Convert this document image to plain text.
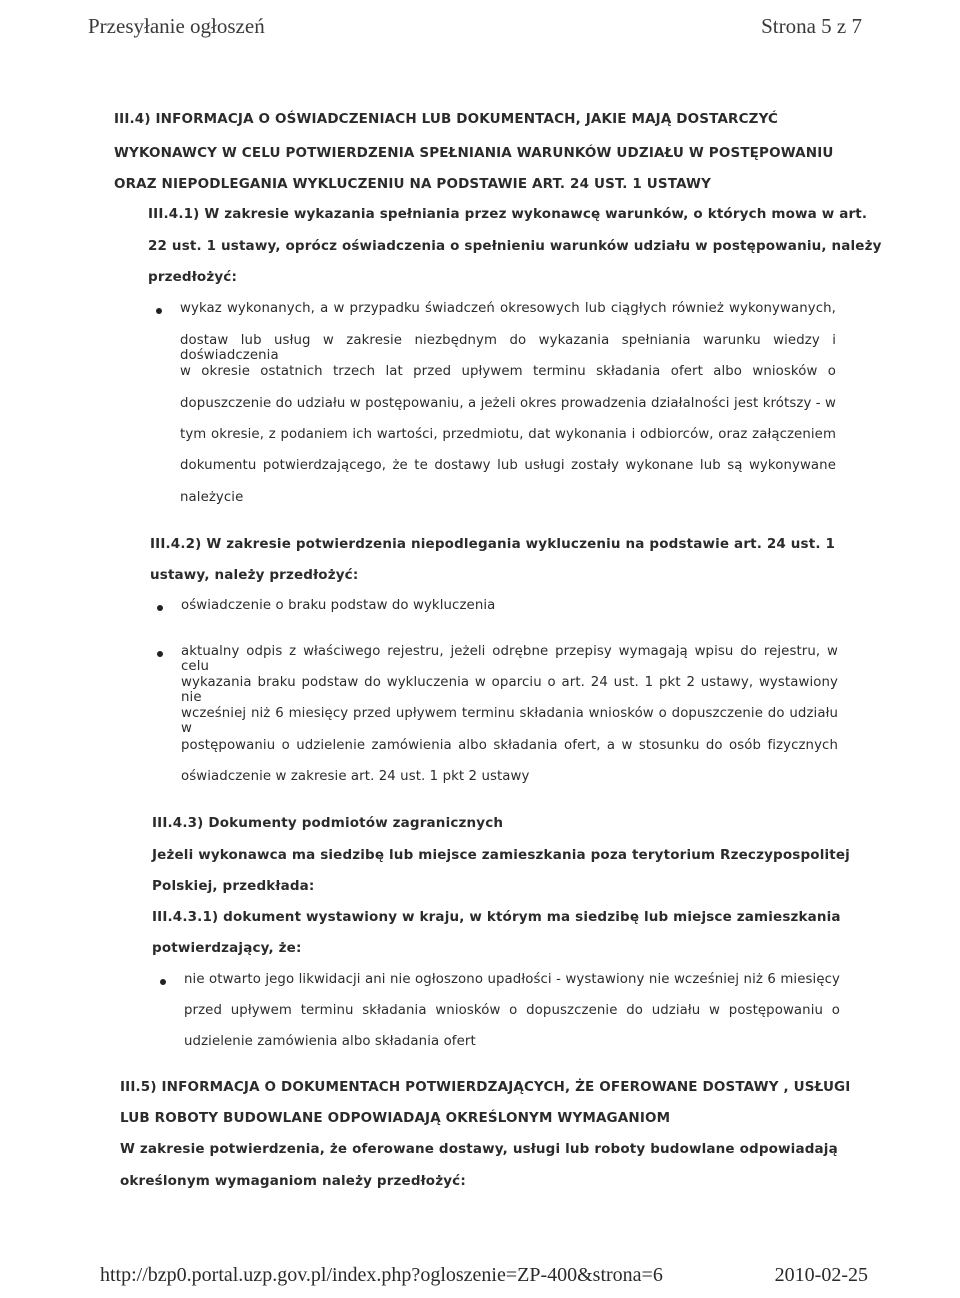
Przesyłanie ogłoszeń	Strona 5 z 7
III.4) INFORMACJA O OŚWIADCZENIACH LUB DOKUMENTACH, JAKIE MAJĄ DOSTARCZYĆ
WYKONAWCY W CELU POTWIERDZENIA SPEŁNIANIA WARUNKÓW UDZIAŁU W POSTĘPOWANIU
ORAZ NIEPODLEGANIA WYKLUCZENIU NA PODSTAWIE ART. 24 UST. 1 USTAWY
III.4.1) W zakresie wykazania spełniania przez wykonawcę warunków, o których mowa w art.
22 ust. 1 ustawy, oprócz oświadczenia o spełnieniu warunków udziału w postępowaniu, należy
przedłożyć:
wykaz wykonanych, a w przypadku świadczeń okresowych lub ciągłych również wykonywanych,
dostaw lub usług w zakresie niezbędnym do wykazania spełniania warunku wiedzy i doświadczenia
w okresie ostatnich trzech lat przed upływem terminu składania ofert albo wniosków o
dopuszczenie do udziału w postępowaniu, a jeżeli okres prowadzenia działalności jest krótszy - w
tym okresie, z podaniem ich wartości, przedmiotu, dat wykonania i odbiorców, oraz załączeniem
dokumentu potwierdzającego, że te dostawy lub usługi zostały wykonane lub są wykonywane
należycie
III.4.2) W zakresie potwierdzenia niepodlegania wykluczeniu na podstawie art. 24 ust. 1
ustawy, należy przedłożyć:
oświadczenie o braku podstaw do wykluczenia
aktualny odpis z właściwego rejestru, jeżeli odrębne przepisy wymagają wpisu do rejestru, w celu
wykazania braku podstaw do wykluczenia w oparciu o art. 24 ust. 1 pkt 2 ustawy, wystawiony nie
wcześniej niż 6 miesięcy przed upływem terminu składania wniosków o dopuszczenie do udziału w
postępowaniu o udzielenie zamówienia albo składania ofert, a w stosunku do osób fizycznych
oświadczenie w zakresie art. 24 ust. 1 pkt 2 ustawy
III.4.3) Dokumenty podmiotów zagranicznych
Jeżeli wykonawca ma siedzibę lub miejsce zamieszkania poza terytorium Rzeczypospolitej
Polskiej, przedkłada:
III.4.3.1) dokument wystawiony w kraju, w którym ma siedzibę lub miejsce zamieszkania
potwierdzający, że:
nie otwarto jego likwidacji ani nie ogłoszono upadłości - wystawiony nie wcześniej niż 6 miesięcy
przed upływem terminu składania wniosków o dopuszczenie do udziału w postępowaniu o
udzielenie zamówienia albo składania ofert
III.5) INFORMACJA O DOKUMENTACH POTWIERDZAJĄCYCH, ŻE OFEROWANE DOSTAWY , USŁUGI
LUB ROBOTY BUDOWLANE ODPOWIADAJĄ OKREŚLONYM WYMAGANIOM
W zakresie potwierdzenia, że oferowane dostawy, usługi lub roboty budowlane odpowiadają
określonym wymaganiom należy przedłożyć:
http://bzp0.portal.uzp.gov.pl/index.php?ogloszenie=ZP-400&strona=6	2010-02-25
